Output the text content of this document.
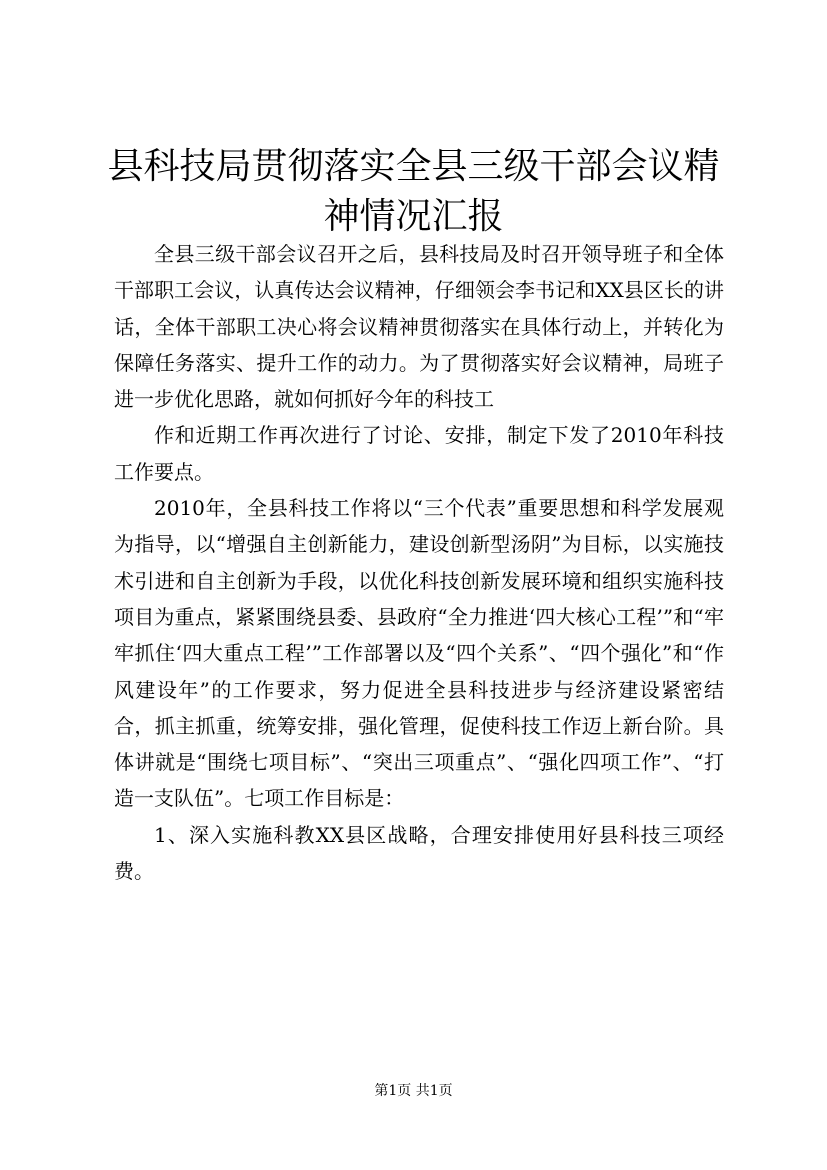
县科技局贯彻落实全县三级干部会议精神情况汇报

全县三级干部会议召开之后，县科技局及时召开领导班子和全体干部职工会议，认真传达会议精神，仔细领会李书记和XX县区长的讲话，全体干部职工决心将会议精神贯彻落实在具体行动上，并转化为保障任务落实、提升工作的动力。为了贯彻落实好会议精神，局班子进一步优化思路，就如何抓好今年的科技工

作和近期工作再次进行了讨论、安排，制定下发了2010年科技工作要点。

2010年，全县科技工作将以“三个代表”重要思想和科学发展观为指导，以“增强自主创新能力，建设创新型汤阴”为目标，以实施技术引进和自主创新为手段，以优化科技创新发展环境和组织实施科技项目为重点，紧紧围绕县委、县政府“全力推进‘四大核心工程’”和“牢牢抓住‘四大重点工程’”工作部署以及“四个关系”、“四个强化”和“作风建设年”的工作要求，努力促进全县科技进步与经济建设紧密结合，抓主抓重，统筹安排，强化管理，促使科技工作迈上新台阶。具体讲就是“围绕七项目标”、“突出三项重点”、“强化四项工作”、“打造一支队伍”。七项工作目标是：

1、深入实施科教XX县区战略，合理安排使用好县科技三项经费。

第1页 共1页
